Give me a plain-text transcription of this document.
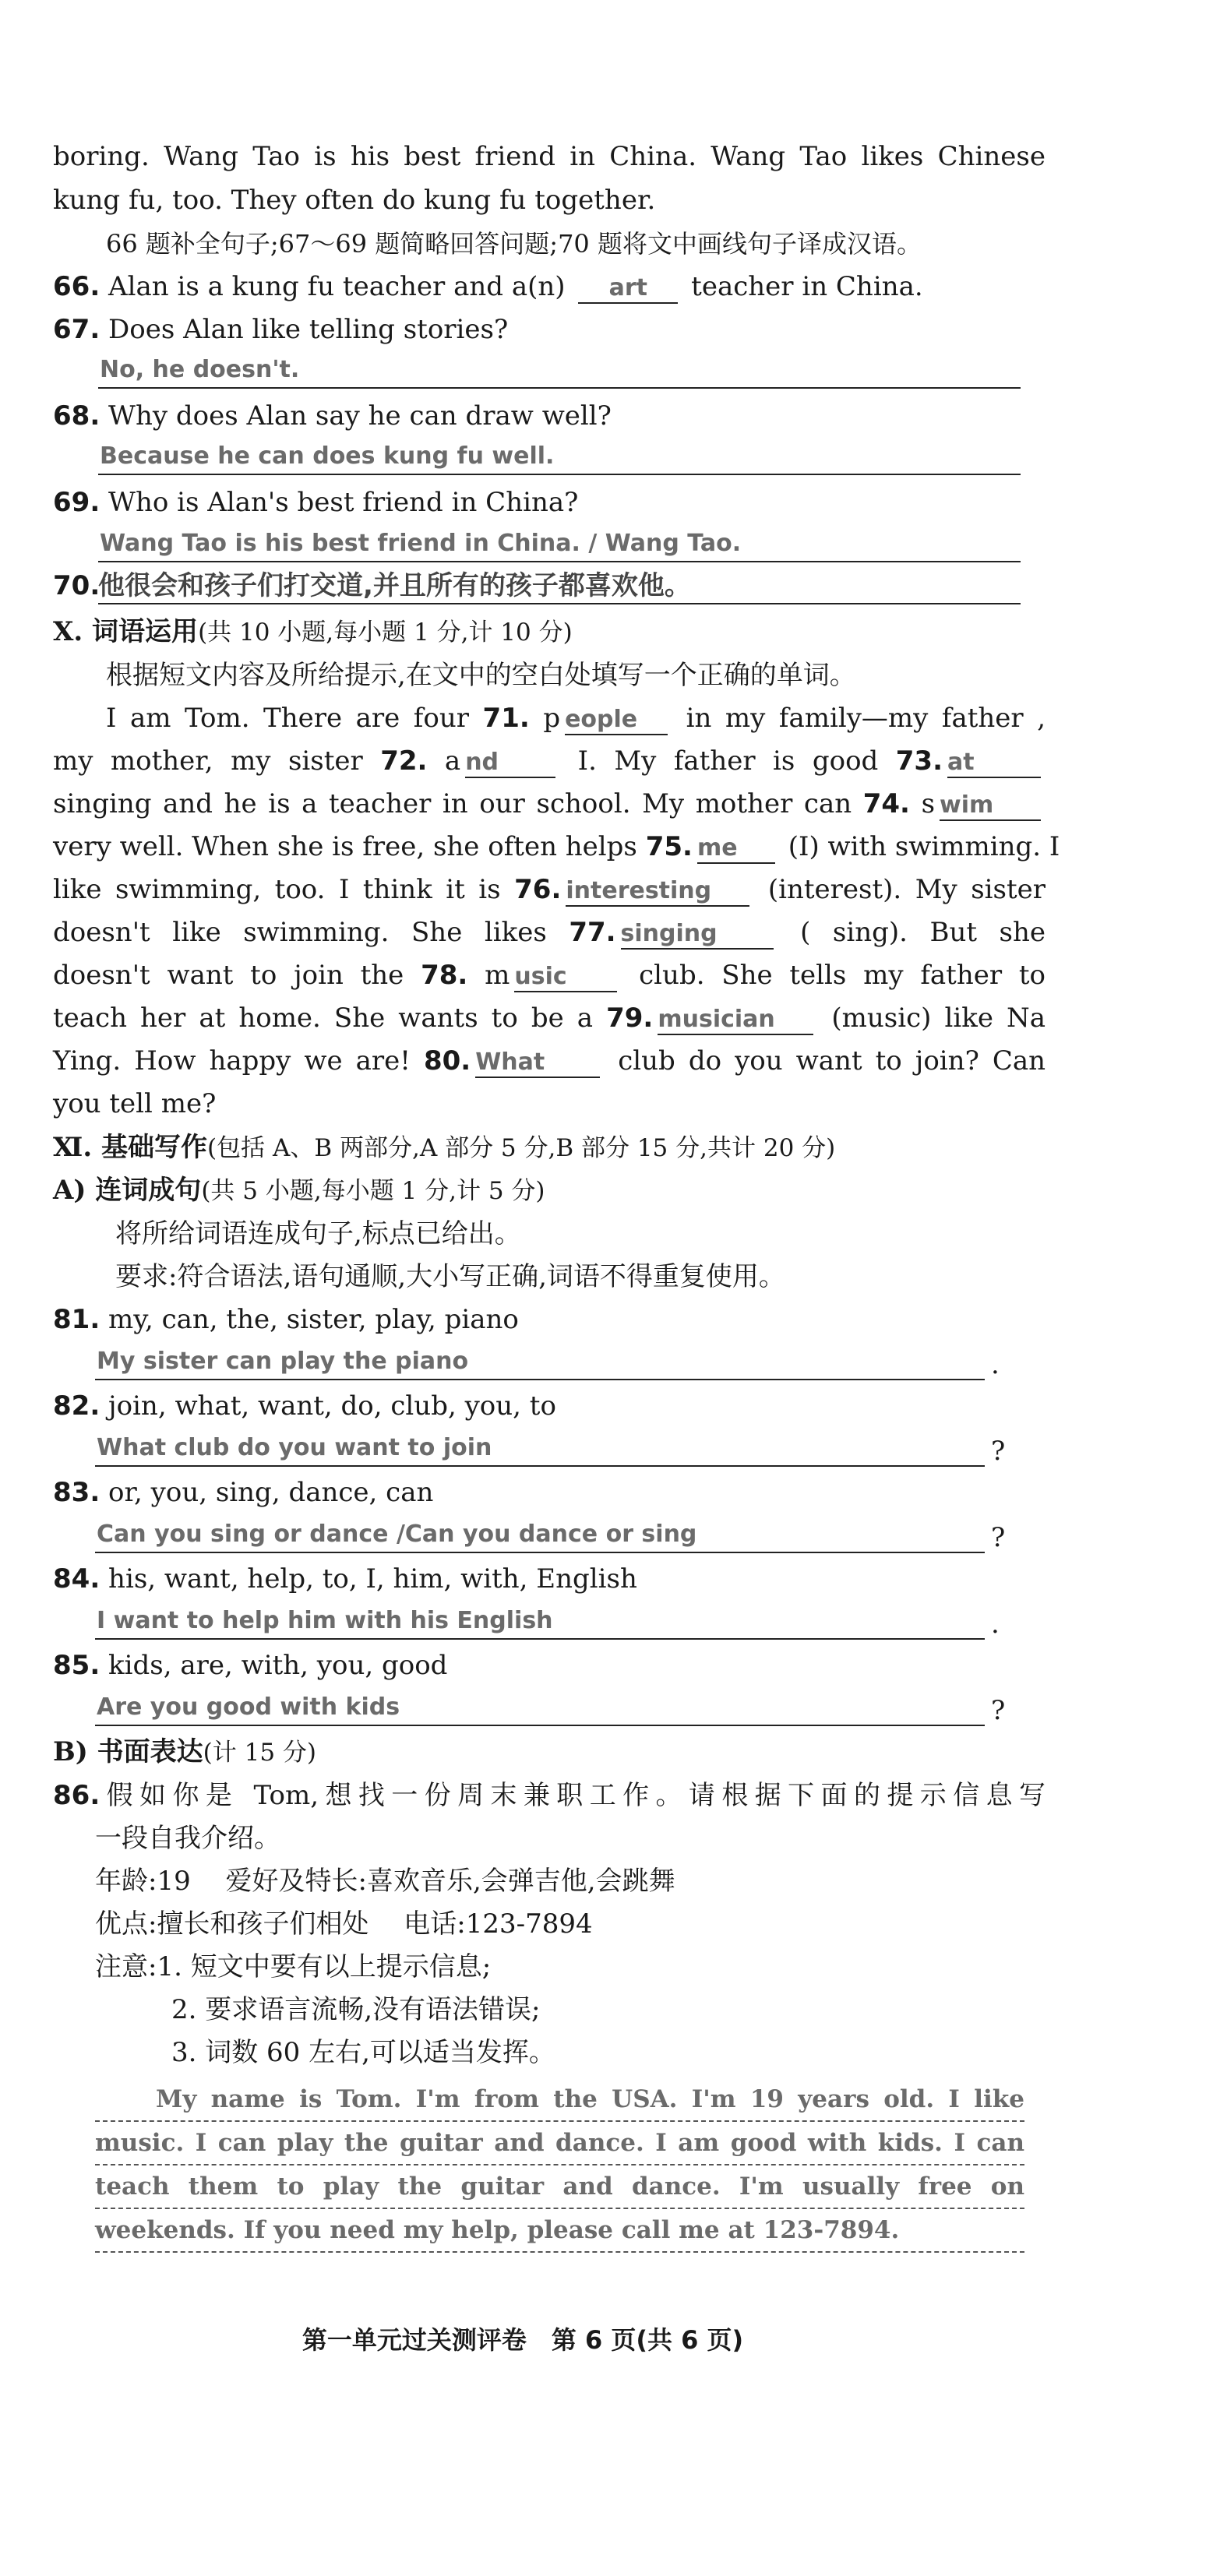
boring. Wang Tao is his best friend in China. Wang Tao likes Chinese
kung fu, too. They often do kung fu together.
66 题补全句子;67～69 题简略回答问题;70 题将文中画线句子译成汉语。
66. Alan is a kung fu teacher and a(n) art teacher in China.
67. Does Alan like telling stories?
No, he doesn't.
68. Why does Alan say he can draw well?
Because he can does kung fu well.
69. Who is Alan's best friend in China?
Wang Tao is his best friend in China. / Wang Tao.
70.
他很会和孩子们打交道,并且所有的孩子都喜欢他。
Ⅹ. 词语运用(共 10 小题,每小题 1 分,计 10 分)
根据短文内容及所给提示,在文中的空白处填写一个正确的单词。
I am Tom. There are four 71. p eople in my family—my father ,
my mother, my sister 72. a nd	I. My father is good 73. at
singing and he is a teacher in our school. My mother can 74. s wim
very well. When she is free, she often helps 75. me (I) with swimming. I
like swimming, too. I think it is 76. interesting (interest). My sister
doesn't like swimming. She likes 77. singing	( sing). But she
doesn't want to join the 78. m usic	club. She tells my father to
teach her at home. She wants to be a 79. musician (music) like Na
Ying. How happy we are! 80. What	club do you want to join? Can
you tell me?
Ⅺ. 基础写作(包括 A、B 两部分,A 部分 5 分,B 部分 15 分,共计 20 分)
A) 连词成句(共 5 小题,每小题 1 分,计 5 分)
将所给词语连成句子,标点已给出。
要求:符合语法,语句通顺,大小写正确,词语不得重复使用。
81. my, can, the, sister, play, piano
My sister can play the piano	.
82. join, what, want, do, club, you, to
What club do you want to join	?
83. or, you, sing, dance, can
Can you sing or dance /Can you dance or sing	?
84. his, want, help, to, I, him, with, English
I want to help him with his English	.
85. kids, are, with, you, good
Are you good with kids	?
B) 书面表达(计 15 分)
86.假如你是 Tom,想找一份周末兼职工作。请根据下面的提示信息写
一段自我介绍。
年龄:19　 爱好及特长:喜欢音乐,会弹吉他,会跳舞
优点:擅长和孩子们相处　 电话:123-7894
注意:1. 短文中要有以上提示信息;
2. 要求语言流畅,没有语法错误;
3. 词数 60 左右,可以适当发挥。
My name is Tom. I'm from the USA. I'm 19 years old. I like
music. I can play the guitar and dance. I am good with kids. I can
teach them to play the guitar and dance. I'm usually free on
weekends. If you need my help, please call me at 123-7894.
第一单元过关测评卷　第 6 页(共 6 页)
